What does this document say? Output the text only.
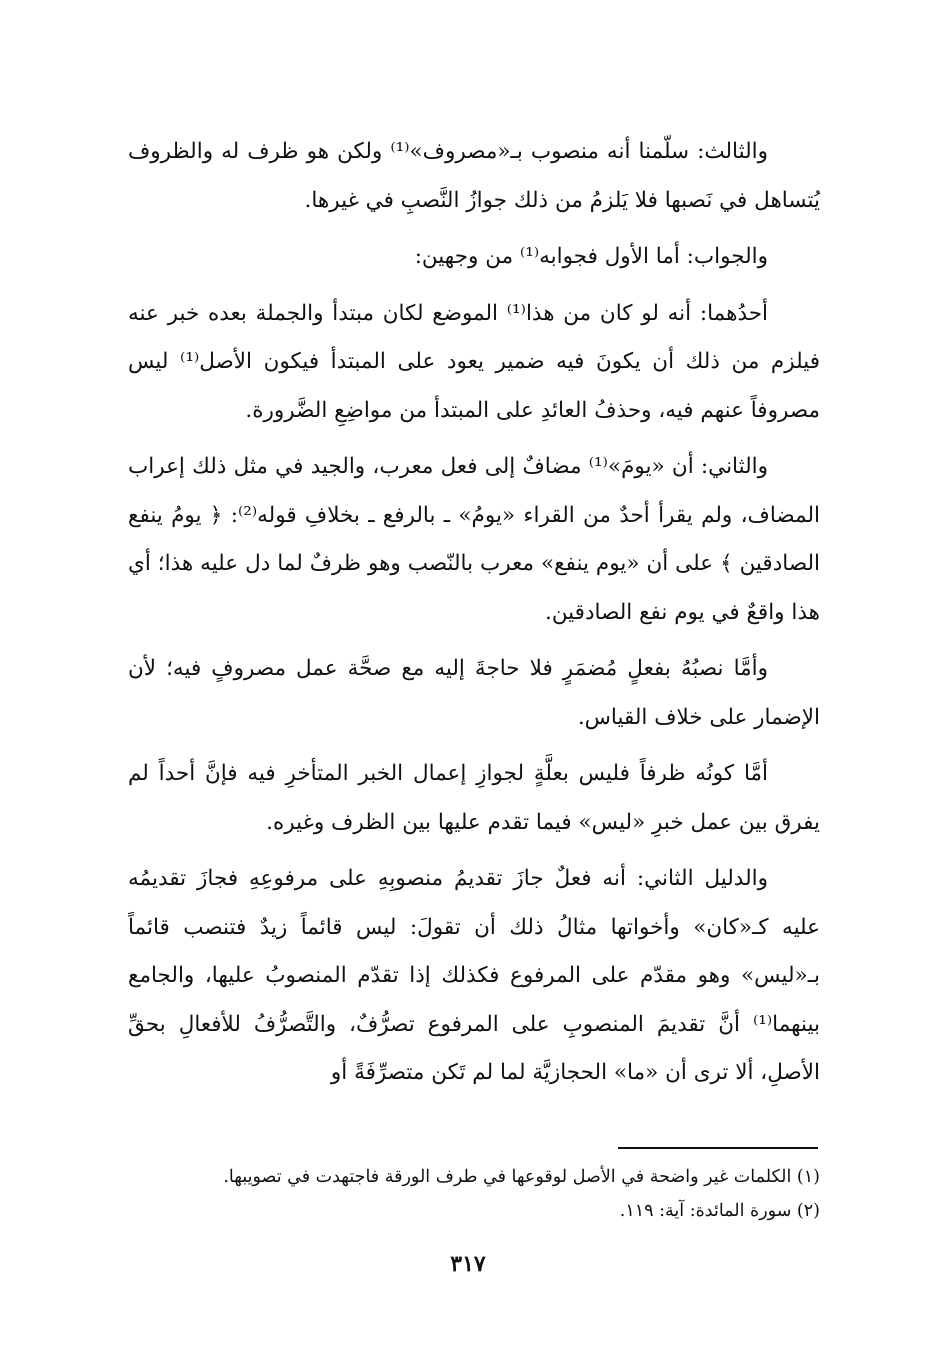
والثالث: سلّمنا أنه منصوب بـ«مصروف»⁽¹⁾ ولكن هو ظرف له والظروف يُتساهل في نَصبها فلا يَلزمُ من ذلك جوازُ النَّصبِ في غيرها.

والجواب: أما الأول فجوابه⁽¹⁾ من وجهين:

أحدُهما: أنه لو كان من هذا⁽¹⁾ الموضع لكان مبتدأ والجملة بعده خبر عنه فيلزم من ذلك أن يكونَ فيه ضمير يعود على المبتدأ فيكون الأصل⁽¹⁾ ليس مصروفاً عنهم فيه، وحذفُ العائدِ على المبتدأ من مواضِعِ الضَّرورة.

والثاني: أن «يومَ»⁽¹⁾ مضافٌ إلى فعل معرب، والجيد في مثل ذلك إعراب المضاف، ولم يقرأ أحدٌ من القراء «يومُ» ـ بالرفع ـ بخلافِ قوله⁽²⁾: ﴿ يومُ ينفع الصادقين ﴾ على أن «يوم ينفع» معرب بالنّصب وهو ظرفٌ لما دل عليه هذا؛ أي هذا واقعٌ في يوم نفع الصادقين.

وأمَّا نصبُهُ بفعلٍ مُضمَرٍ فلا حاجةَ إليه مع صحَّة عمل مصروفٍ فيه؛ لأن الإضمار على خلاف القياس.

أمَّا كونُه ظرفاً فليس بعلَّةٍ لجوازِ إعمال الخبر المتأخرِ فيه فإنَّ أحداً لم يفرق بين عمل خبرِ «ليس» فيما تقدم عليها بين الظرف وغيره.

والدليل الثاني: أنه فعلٌ جازَ تقديمُ منصوبِهِ على مرفوعِهِ فجازَ تقديمُه عليه كـ«كان» وأخواتها مثالُ ذلك أن تقولَ: ليس قائماً زيدٌ فتنصب قائماً بـ«ليس» وهو مقدّم على المرفوع فكذلك إذا تقدّم المنصوبُ عليها، والجامع بينهما⁽¹⁾ أنَّ تقديمَ المنصوبِ على المرفوع تصرُّفٌ، والتَّصرُّفُ للأفعالِ بحقِّ الأصلِ، ألا ترى أن «ما» الحجازيَّة لما لم تَكن متصرِّفَةً أو

(١) الكلمات غير واضحة في الأصل لوقوعها في طرف الورقة فاجتهدت في تصويبها.

(٢) سورة المائدة: آية: ١١٩.

٣١٧
